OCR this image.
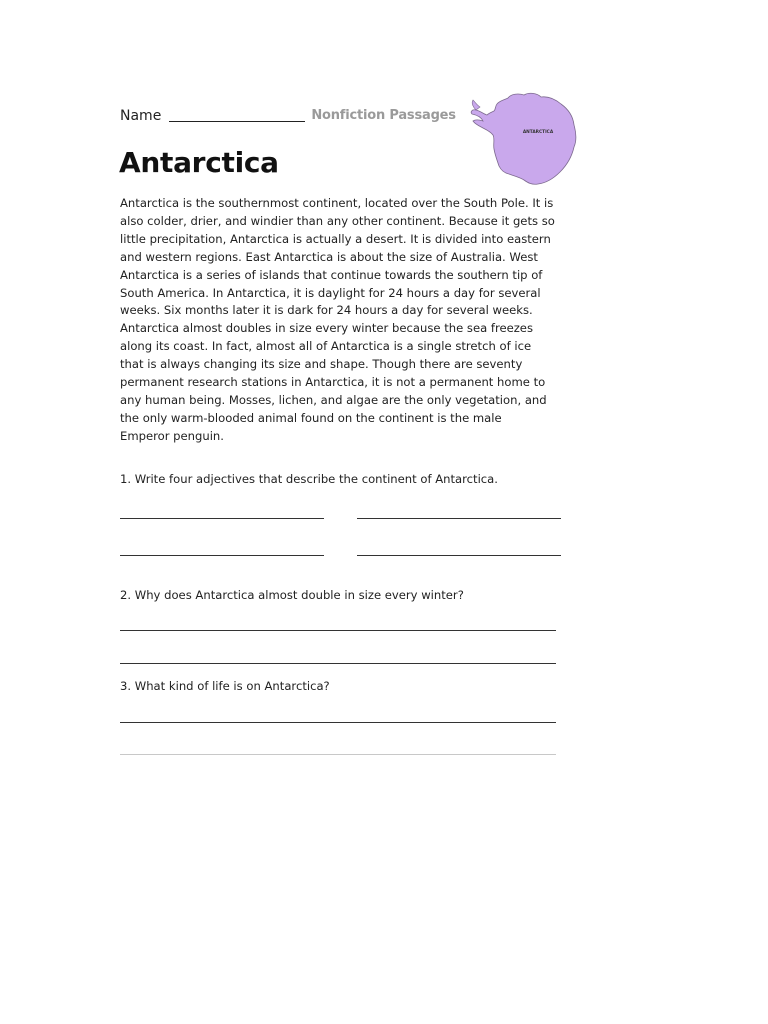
Name	Nonfiction Passages
ANTARCTICA
Antarctica

Antarctica is the southernmost continent, located over the South Pole. It is
also colder, drier, and windier than any other continent. Because it gets so
little precipitation, Antarctica is actually a desert. It is divided into eastern
and western regions. East Antarctica is about the size of Australia. West
Antarctica is a series of islands that continue towards the southern tip of
South America. In Antarctica, it is daylight for 24 hours a day for several
weeks. Six months later it is dark for 24 hours a day for several weeks.
Antarctica almost doubles in size every winter because the sea freezes
along its coast. In fact, almost all of Antarctica is a single stretch of ice
that is always changing its size and shape. Though there are seventy
permanent research stations in Antarctica, it is not a permanent home to
any human being. Mosses, lichen, and algae are the only vegetation, and
the only warm-blooded animal found on the continent is the male
Emperor penguin.

1. Write four adjectives that describe the continent of Antarctica.

2. Why does Antarctica almost double in size every winter?

3. What kind of life is on Antarctica?
